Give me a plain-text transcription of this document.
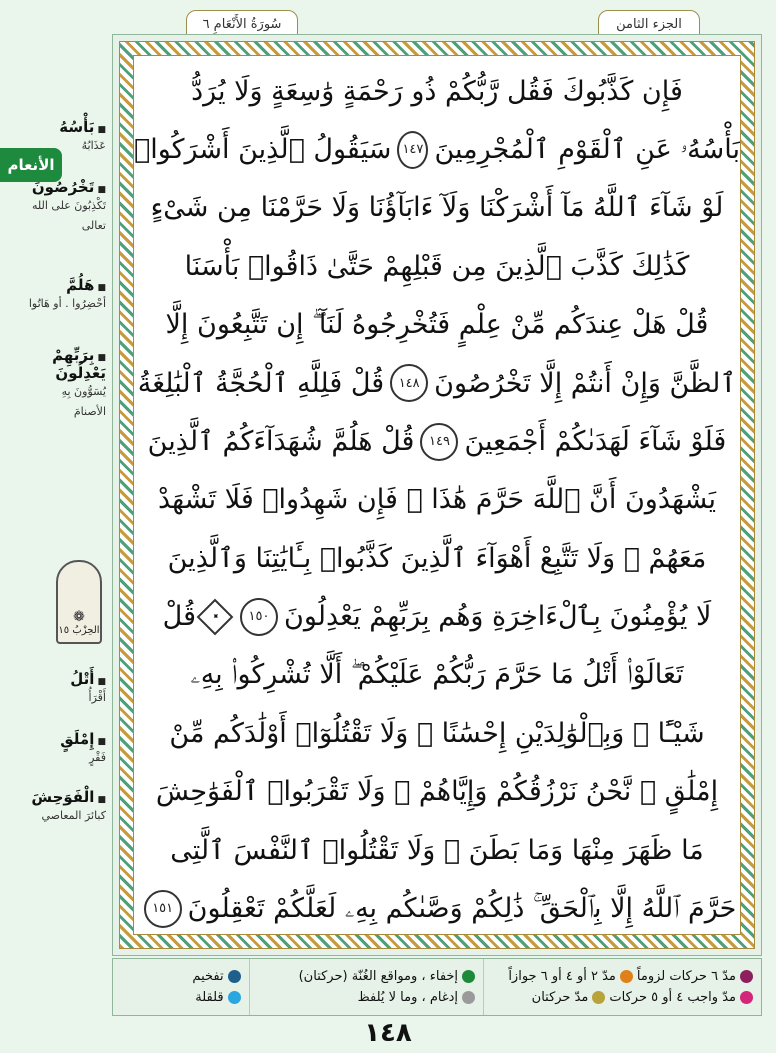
سُورَةُ الأَنْعَامِ ٦	الجزء الثامن
الأنعام
■ بَأْسُهُ
عَذَابُهُ
■ تَخْرُصُونَ
تَكْذِبُونَ على الله تعالى
■ هَلُمَّ
أحْضِرُوا . أو هَاتُوا
■ بِرَبِّهِمْ يَعْدِلُونَ
يُسَوُّونَ بِهِ الأصنامَ
❁
الحِزْبُ ١٥
■ أَتْلُ
أَقْرَأُ
■ إِمْلَقٍ
فَقْرٍ
■ الْفَوَحِشَ
كبائرَ المعاصي
فَإِن كَذَّبُوكَ فَقُل رَّبُّكُمْ ذُو رَحْمَةٍ وَٰسِعَةٍ وَلَا يُرَدُّ
بَأْسُهُۥ عَنِ ٱلْقَوْمِ ٱلْمُجْرِمِينَ
١٤٧
سَيَقُولُ ٱلَّذِينَ أَشْرَكُوا۟
لَوْ شَآءَ ٱللَّهُ مَآ أَشْرَكْنَا وَلَآ ءَابَآؤُنَا وَلَا حَرَّمْنَا مِن شَىْءٍ
كَذَٰلِكَ كَذَّبَ ٱلَّذِينَ مِن قَبْلِهِمْ حَتَّىٰ ذَاقُوا۟ بَأْسَنَا
قُلْ هَلْ عِندَكُم مِّنْ عِلْمٍ فَتُخْرِجُوهُ لَنَآ ۖ إِن تَتَّبِعُونَ إِلَّا
ٱلظَّنَّ وَإِنْ أَنتُمْ إِلَّا تَخْرُصُونَ
١٤٨
قُلْ فَلِلَّهِ ٱلْحُجَّةُ ٱلْبَٰلِغَةُ
فَلَوْ شَآءَ لَهَدَىٰكُمْ أَجْمَعِينَ
١٤٩
قُلْ هَلُمَّ شُهَدَآءَكُمُ ٱلَّذِينَ
يَشْهَدُونَ أَنَّ ٱللَّهَ حَرَّمَ هَٰذَا ۖ فَإِن شَهِدُوا۟ فَلَا تَشْهَدْ
مَعَهُمْ ۚ وَلَا تَتَّبِعْ أَهْوَآءَ ٱلَّذِينَ كَذَّبُوا۟ بِـَٔايَٰتِنَا وَٱلَّذِينَ
لَا يُؤْمِنُونَ بِٱلْءَاخِرَةِ وَهُم بِرَبِّهِمْ يَعْدِلُونَ
١٥٠
✦
قُلْ
تَعَالَوْا۟ أَتْلُ مَا حَرَّمَ رَبُّكُمْ عَلَيْكُمْ ۖ أَلَّا تُشْرِكُوا۟ بِهِۦ
شَيْـًٔا ۖ وَبِٱلْوَٰلِدَيْنِ إِحْسَٰنًا ۖ وَلَا تَقْتُلُوٓا۟ أَوْلَٰدَكُم مِّنْ
إِمْلَٰقٍ ۖ نَّحْنُ نَرْزُقُكُمْ وَإِيَّاهُمْ ۖ وَلَا تَقْرَبُوا۟ ٱلْفَوَٰحِشَ
مَا ظَهَرَ مِنْهَا وَمَا بَطَنَ ۖ وَلَا تَقْتُلُوا۟ ٱلنَّفْسَ ٱلَّتِى
حَرَّمَ ٱللَّهُ إِلَّا بِٱلْحَقِّ ۚ ذَٰلِكُمْ وَصَّىٰكُم بِهِۦ لَعَلَّكُمْ تَعْقِلُونَ
١٥١
مدّ ٦ حركات لزوماً
مدّ ٢ أو ٤ أو ٦ جوازاً
مدّ واجب ٤ أو ٥ حركات
مدّ حركتان
إخفاء ، ومواقع الغُنّة (حركتان)
إدغام ، وما لا يُلفظ
تفخيم
قلقلة
١٤٨
